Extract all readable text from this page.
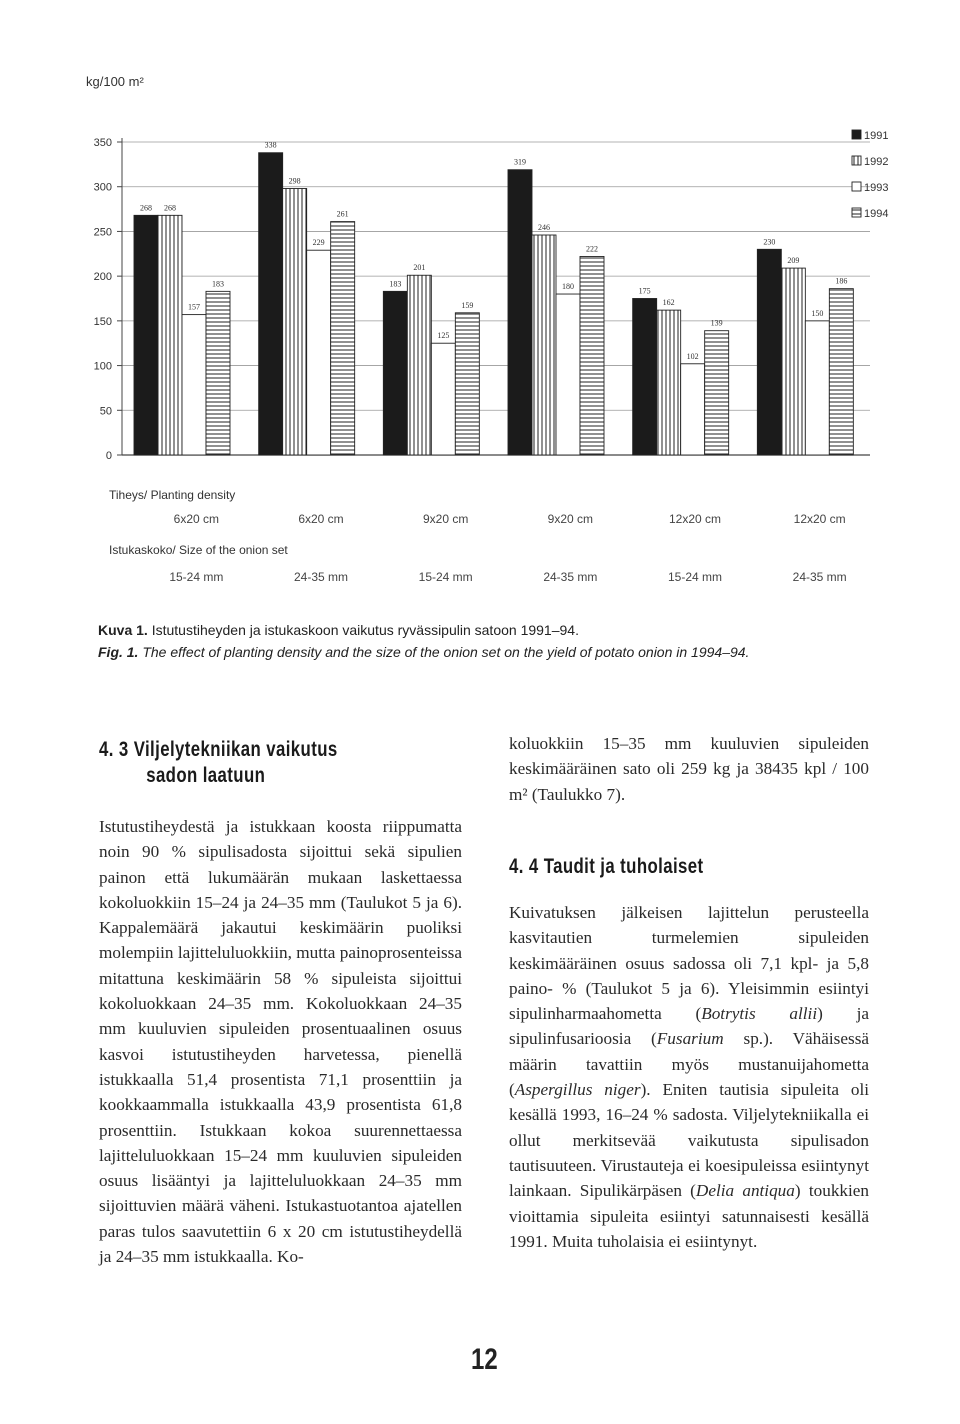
kg/100 m²
0
50
100
150
200
250
300
350
268 268
157
183
338
298
229
261
183
201
125
159
319
246
180
222
175
162
102
139
230
209
150
186
1991
1992
1993
1994
Tiheys/ Planting density
6x20 cm	6x20 cm	9x20 cm	9x20 cm	12x20 cm	12x20 cm
Istukaskoko/ Size of the onion set
15-24 mm	24-35 mm	15-24 mm	24-35 mm	15-24 mm	24-35 mm
Kuva 1. Istutustiheyden ja istukaskoon vaikutus ryvässipulin satoon 1991–94.
Fig. 1. The effect of planting density and the size of the onion set on the yield of potato onion in 1994–94.
4. 3 Viljelytekniikan vaikutus
sadon laatuun

Istutustiheydestä ja istukkaan koosta riippumatta noin 90 % sipulisadosta sijoittui sekä sipulien painon että lukumäärän mukaan laskettaessa kokoluokkiin 15–24 ja 24–35 mm (Taulukot 5 ja 6). Kappalemäärä jakautui keskimäärin puoliksi molempiin lajitteluluokkiin, mutta painoprosenteissa mitattuna keskimäärin 58 % sipuleista sijoittui kokoluokkaan 24–35 mm. Kokoluokkaan 24–35 mm kuuluvien sipuleiden prosentuaalinen osuus kasvoi istutustiheyden harvetessa, pienellä istukkaalla 51,4 prosentista 71,1 prosenttiin ja kookkaammalla istukkaalla 43,9 prosentista 61,8 prosenttiin. Istukkaan kokoa suurennettaessa lajitteluluokkaan 15–24 mm kuuluvien sipuleiden osuus lisääntyi ja lajitteluluokkaan 24–35 mm sijoittuvien määrä väheni. Istukastuotantoa ajatellen paras tulos saavutettiin 6 x 20 cm istutustiheydellä ja 24–35 mm istukkaalla. Ko-

koluokkiin 15–35 mm kuuluvien sipuleiden keskimääräinen sato oli 259 kg ja 38435 kpl / 100 m² (Taulukko 7).

4. 4 Taudit ja tuholaiset

Kuivatuksen jälkeisen lajittelun perusteella kasvitautien turmelemien sipuleiden keskimääräinen osuus sadossa oli 7,1 kpl- ja 5,8 paino- % (Taulukot 5 ja 6). Yleisimmin esiintyi sipulinharmaahometta (Botrytis allii) ja sipulinfusarioosia (Fusarium sp.). Vähäisessä määrin tavattiin myös mustanuijahometta (Aspergillus niger). Eniten tautisia sipuleita oli kesällä 1993, 16–24 % sadosta. Viljelytekniikalla ei ollut merkitsevää vaikutusta sipulisadon tautisuuteen. Virustauteja ei koesipuleissa esiintynyt lainkaan. Sipulikärpäsen (Delia antiqua) toukkien vioittamia sipuleita esiintyi satunnaisesti kesällä 1991. Muita tuholaisia ei esiintynyt.

12
